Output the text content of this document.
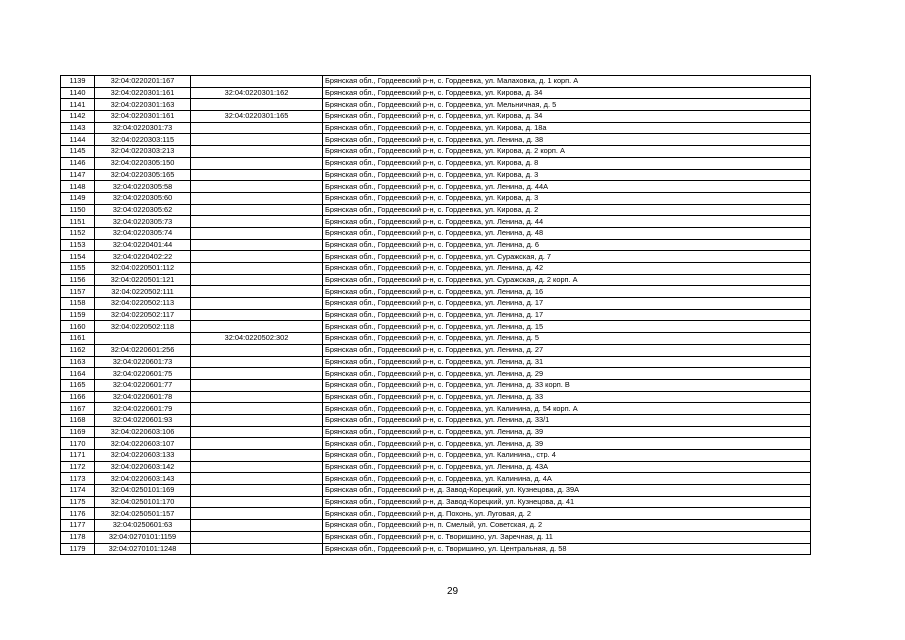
1139	32:04:0220201:167		Брянская обл., Гордеевский р-н, с. Гордеевка, ул. Малаховка, д. 1 корп. А
1140	32:04:0220301:161	32:04:0220301:162	Брянская обл., Гордеевский р-н, с. Гордеевка, ул. Кирова, д. 34
1141	32:04:0220301:163		Брянская обл., Гордеевский р-н, с. Гордеевка, ул. Мельничная, д. 5
1142	32:04:0220301:161	32:04:0220301:165	Брянская обл., Гордеевский р-н, с. Гордеевка, ул. Кирова, д. 34
1143	32:04:0220301:73		Брянская обл., Гордеевский р-н, с. Гордеевка, ул. Кирова, д. 18а
1144	32:04:0220303:115		Брянская обл., Гордеевский р-н, с. Гордеевка, ул. Ленина, д. 38
1145	32:04:0220303:213		Брянская обл., Гордеевский р-н, с. Гордеевка, ул. Кирова, д. 2 корп. А
1146	32:04:0220305:150		Брянская обл., Гордеевский р-н, с. Гордеевка, ул. Кирова, д. 8
1147	32:04:0220305:165		Брянская обл., Гордеевский р-н, с. Гордеевка, ул. Кирова, д. 3
1148	32:04:0220305:58		Брянская обл., Гордеевский р-н, с. Гордеевка, ул. Ленина, д. 44А
1149	32:04:0220305:60		Брянская обл., Гордеевский р-н, с. Гордеевка, ул. Кирова, д. 3
1150	32:04:0220305:62		Брянская обл., Гордеевский р-н, с. Гордеевка, ул. Кирова, д. 2
1151	32:04:0220305:73		Брянская обл., Гордеевский р-н, с. Гордеевка, ул. Ленина, д. 44
1152	32:04:0220305:74		Брянская обл., Гордеевский р-н, с. Гордеевка, ул. Ленина, д. 48
1153	32:04:0220401:44		Брянская обл., Гордеевский р-н, с. Гордеевка, ул. Ленина, д. 6
1154	32:04:0220402:22		Брянская обл., Гордеевский р-н, с. Гордеевка, ул. Суражская, д. 7
1155	32:04:0220501:112		Брянская обл., Гордеевский р-н, с. Гордеевка, ул. Ленина, д. 42
1156	32:04:0220501:121		Брянская обл., Гордеевский р-н, с. Гордеевка, ул. Суражская, д. 2 корп. А
1157	32:04:0220502:111		Брянская обл., Гордеевский р-н, с. Гордеевка, ул. Ленина, д. 16
1158	32:04:0220502:113		Брянская обл., Гордеевский р-н, с. Гордеевка, ул. Ленина, д. 17
1159	32:04:0220502:117		Брянская обл., Гордеевский р-н, с. Гордеевка, ул. Ленина, д. 17
1160	32:04:0220502:118		Брянская обл., Гордеевский р-н, с. Гордеевка, ул. Ленина, д. 15
1161		32:04:0220502:302	Брянская обл., Гордеевский р-н, с. Гордеевка, ул. Ленина, д. 5
1162	32:04:0220601:256		Брянская обл., Гордеевский р-н, с. Гордеевка, ул. Ленина, д. 27
1163	32:04:0220601:73		Брянская обл., Гордеевский р-н, с. Гордеевка, ул. Ленина, д. 31
1164	32:04:0220601:75		Брянская обл., Гордеевский р-н, с. Гордеевка, ул. Ленина, д. 29
1165	32:04:0220601:77		Брянская обл., Гордеевский р-н, с. Гордеевка, ул. Ленина, д. 33 корп. В
1166	32:04:0220601:78		Брянская обл., Гордеевский р-н, с. Гордеевка, ул. Ленина, д. 33
1167	32:04:0220601:79		Брянская обл., Гордеевский р-н, с. Гордеевка, ул. Калинина, д. 54 корп. А
1168	32:04:0220601:93		Брянская обл., Гордеевский р-н, с. Гордеевка, ул. Ленина, д. 33/1
1169	32:04:0220603:106		Брянская обл., Гордеевский р-н, с. Гордеевка, ул. Ленина, д. 39
1170	32:04:0220603:107		Брянская обл., Гордеевский р-н, с. Гордеевка, ул. Ленина, д. 39
1171	32:04:0220603:133		Брянская обл., Гордеевский р-н, с. Гордеевка, ул. Калинина,, стр. 4
1172	32:04:0220603:142		Брянская обл., Гордеевский р-н, с. Гордеевка, ул. Ленина, д. 43А
1173	32:04:0220603:143		Брянская обл., Гордеевский р-н, с. Гордеевка, ул. Калинина, д. 4А
1174	32:04:0250101:169		Брянская обл., Гордеевский р-н, д. Завод-Корецкий, ул. Кузнецова, д. 39А
1175	32:04:0250101:170		Брянская обл., Гордеевский р-н, д. Завод-Корецкий, ул. Кузнецова, д. 41
1176	32:04:0250501:157		Брянская обл., Гордеевский р-н, д. Похонь, ул. Луговая, д. 2
1177	32:04:0250601:63		Брянская обл., Гордеевский р-н, п. Смелый, ул. Советская, д. 2
1178	32:04:0270101:1159		Брянская обл., Гордеевский р-н, с. Творишино, ул. Заречная, д. 11
1179	32:04:0270101:1248		Брянская обл., Гордеевский р-н, с. Творишино, ул. Центральная, д. 58
29
